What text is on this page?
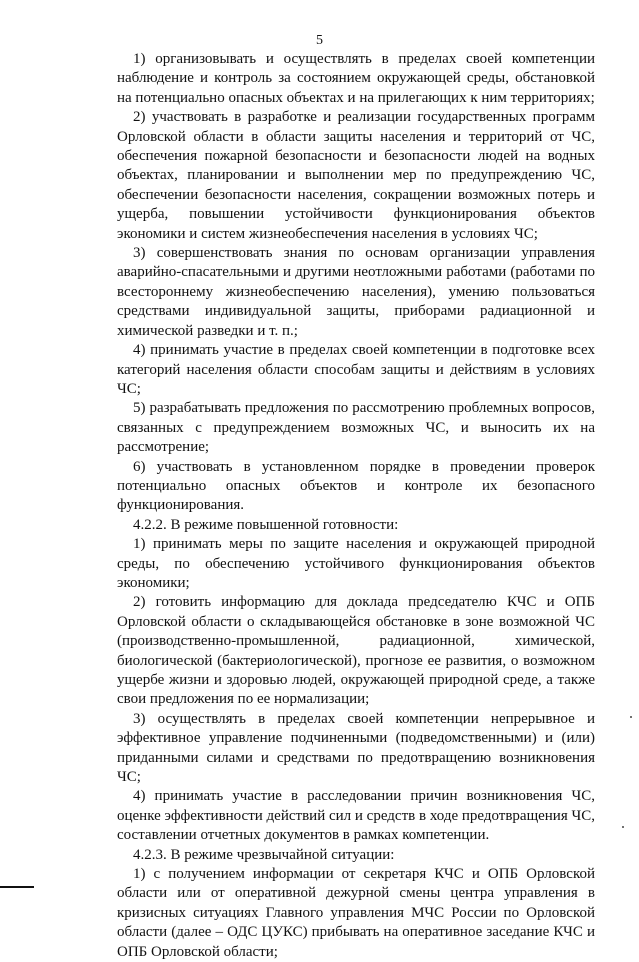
5

1) организовывать и осуществлять в пределах своей компетенции наблюдение и контроль за состоянием окружающей среды, обстановкой на потенциально опасных объектах и на прилегающих к ним территориях;

2) участвовать в разработке и реализации государственных программ Орловской области в области защиты населения и территорий от ЧС, обеспечения пожарной безопасности и безопасности людей на водных объектах, планировании и выполнении мер по предупреждению ЧС, обеспечении безопасности населения, сокращении возможных потерь и ущерба, повышении устойчивости функционирования объектов экономики и систем жизнеобеспечения населения в условиях ЧС;

3) совершенствовать знания по основам организации управления аварийно-спасательными и другими неотложными работами (работами по всестороннему жизнеобеспечению населения), умению пользоваться средствами индивидуальной защиты, приборами радиационной и химической разведки и т. п.;

4) принимать участие в пределах своей компетенции в подготовке всех категорий населения области способам защиты и действиям в условиях ЧС;

5) разрабатывать предложения по рассмотрению проблемных вопросов, связанных с предупреждением возможных ЧС, и выносить их на рассмотрение;

6) участвовать в установленном порядке в проведении проверок потенциально опасных объектов и контроле их безопасного функционирования.

4.2.2. В режиме повышенной готовности:

1) принимать меры по защите населения и окружающей природной среды, по обеспечению устойчивого функционирования объектов экономики;

2) готовить информацию для доклада председателю КЧС и ОПБ Орловской области о складывающейся обстановке в зоне возможной ЧС (производственно-промышленной, радиационной, химической, биологической (бактериологической), прогнозе ее развития, о возможном ущербе жизни и здоровью людей, окружающей природной среде, а также свои предложения по ее нормализации;

3) осуществлять в пределах своей компетенции непрерывное и эффективное управление подчиненными (подведомственными) и (или) приданными силами и средствами по предотвращению возникновения ЧС;

4) принимать участие в расследовании причин возникновения ЧС, оценке эффективности действий сил и средств в ходе предотвращения ЧС, составлении отчетных документов в рамках компетенции.

4.2.3. В режиме чрезвычайной ситуации:

1) с получением информации от секретаря КЧС и ОПБ Орловской области или от оперативной дежурной смены центра управления в кризисных ситуациях Главного управления МЧС России по Орловской области (далее – ОДС ЦУКС) прибывать на оперативное заседание КЧС и ОПБ Орловской области;
